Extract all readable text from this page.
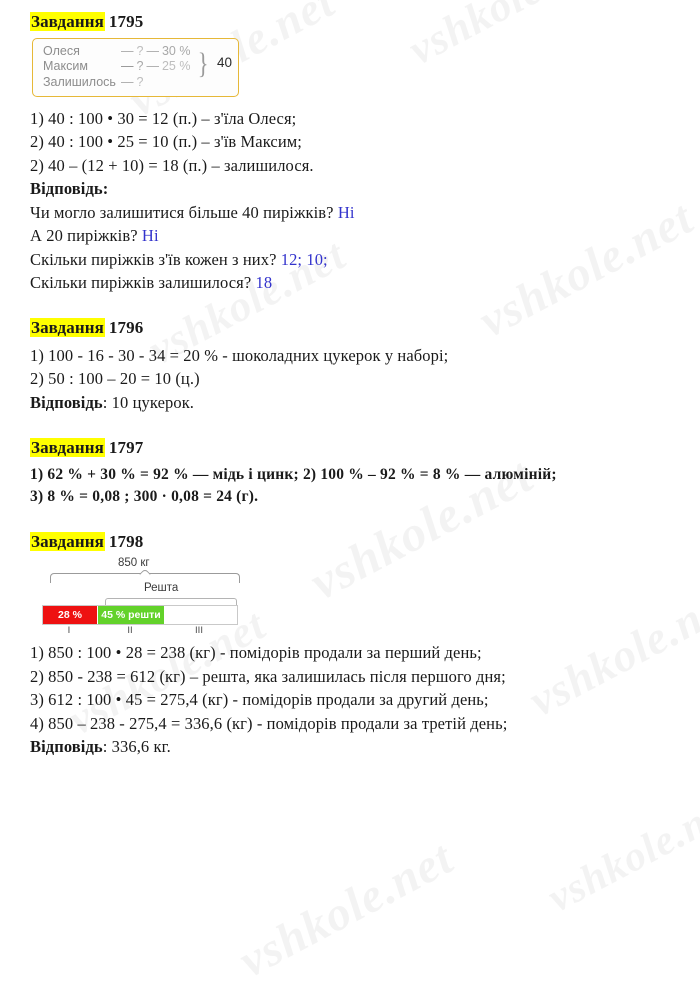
Завдання 1795
Олеся	— ? — 30 %
Максим	— ? — 25 %
Залишилось — ?
} 40
1) 40 : 100 • 30 = 12 (п.) – з'їла Олеся;
2) 40 : 100 • 25 = 10 (п.) – з'їв Максим;
2) 40 – (12 + 10) = 18 (п.) – залишилося.
Відповідь:
Чи могло залишитися більше 40 пиріжків? Ні
А 20 пиріжків? Ні
Скільки пиріжків з'їв кожен з них? 12; 10;
Скільки пиріжків залишилося? 18
Завдання 1796
1) 100 - 16 - 30 - 34 = 20 % - шоколадних цукерок у наборі;
2) 50 : 100 – 20 = 10 (ц.)
Відповідь: 10 цукерок.
Завдання 1797
1) 62 % + 30 % = 92 % — мідь і цинк; 2) 100 % – 92 % = 8 % — алюміній;
3) 8 % = 0,08 ; 300 · 0,08 = 24 (г).
Завдання 1798
850 кг
Решта
28 %	45 % решти
I	II	III
1) 850 : 100 • 28 = 238 (кг) - помідорів продали за перший день;
2) 850 - 238 = 612 (кг) – решта, яка залишилась після першого дня;
3) 612 : 100 • 45 = 275,4 (кг) - помідорів продали за другий день;
4) 850 – 238 - 275,4 = 336,6 (кг) - помідорів продали за третій день;
Відповідь: 336,6 кг.
